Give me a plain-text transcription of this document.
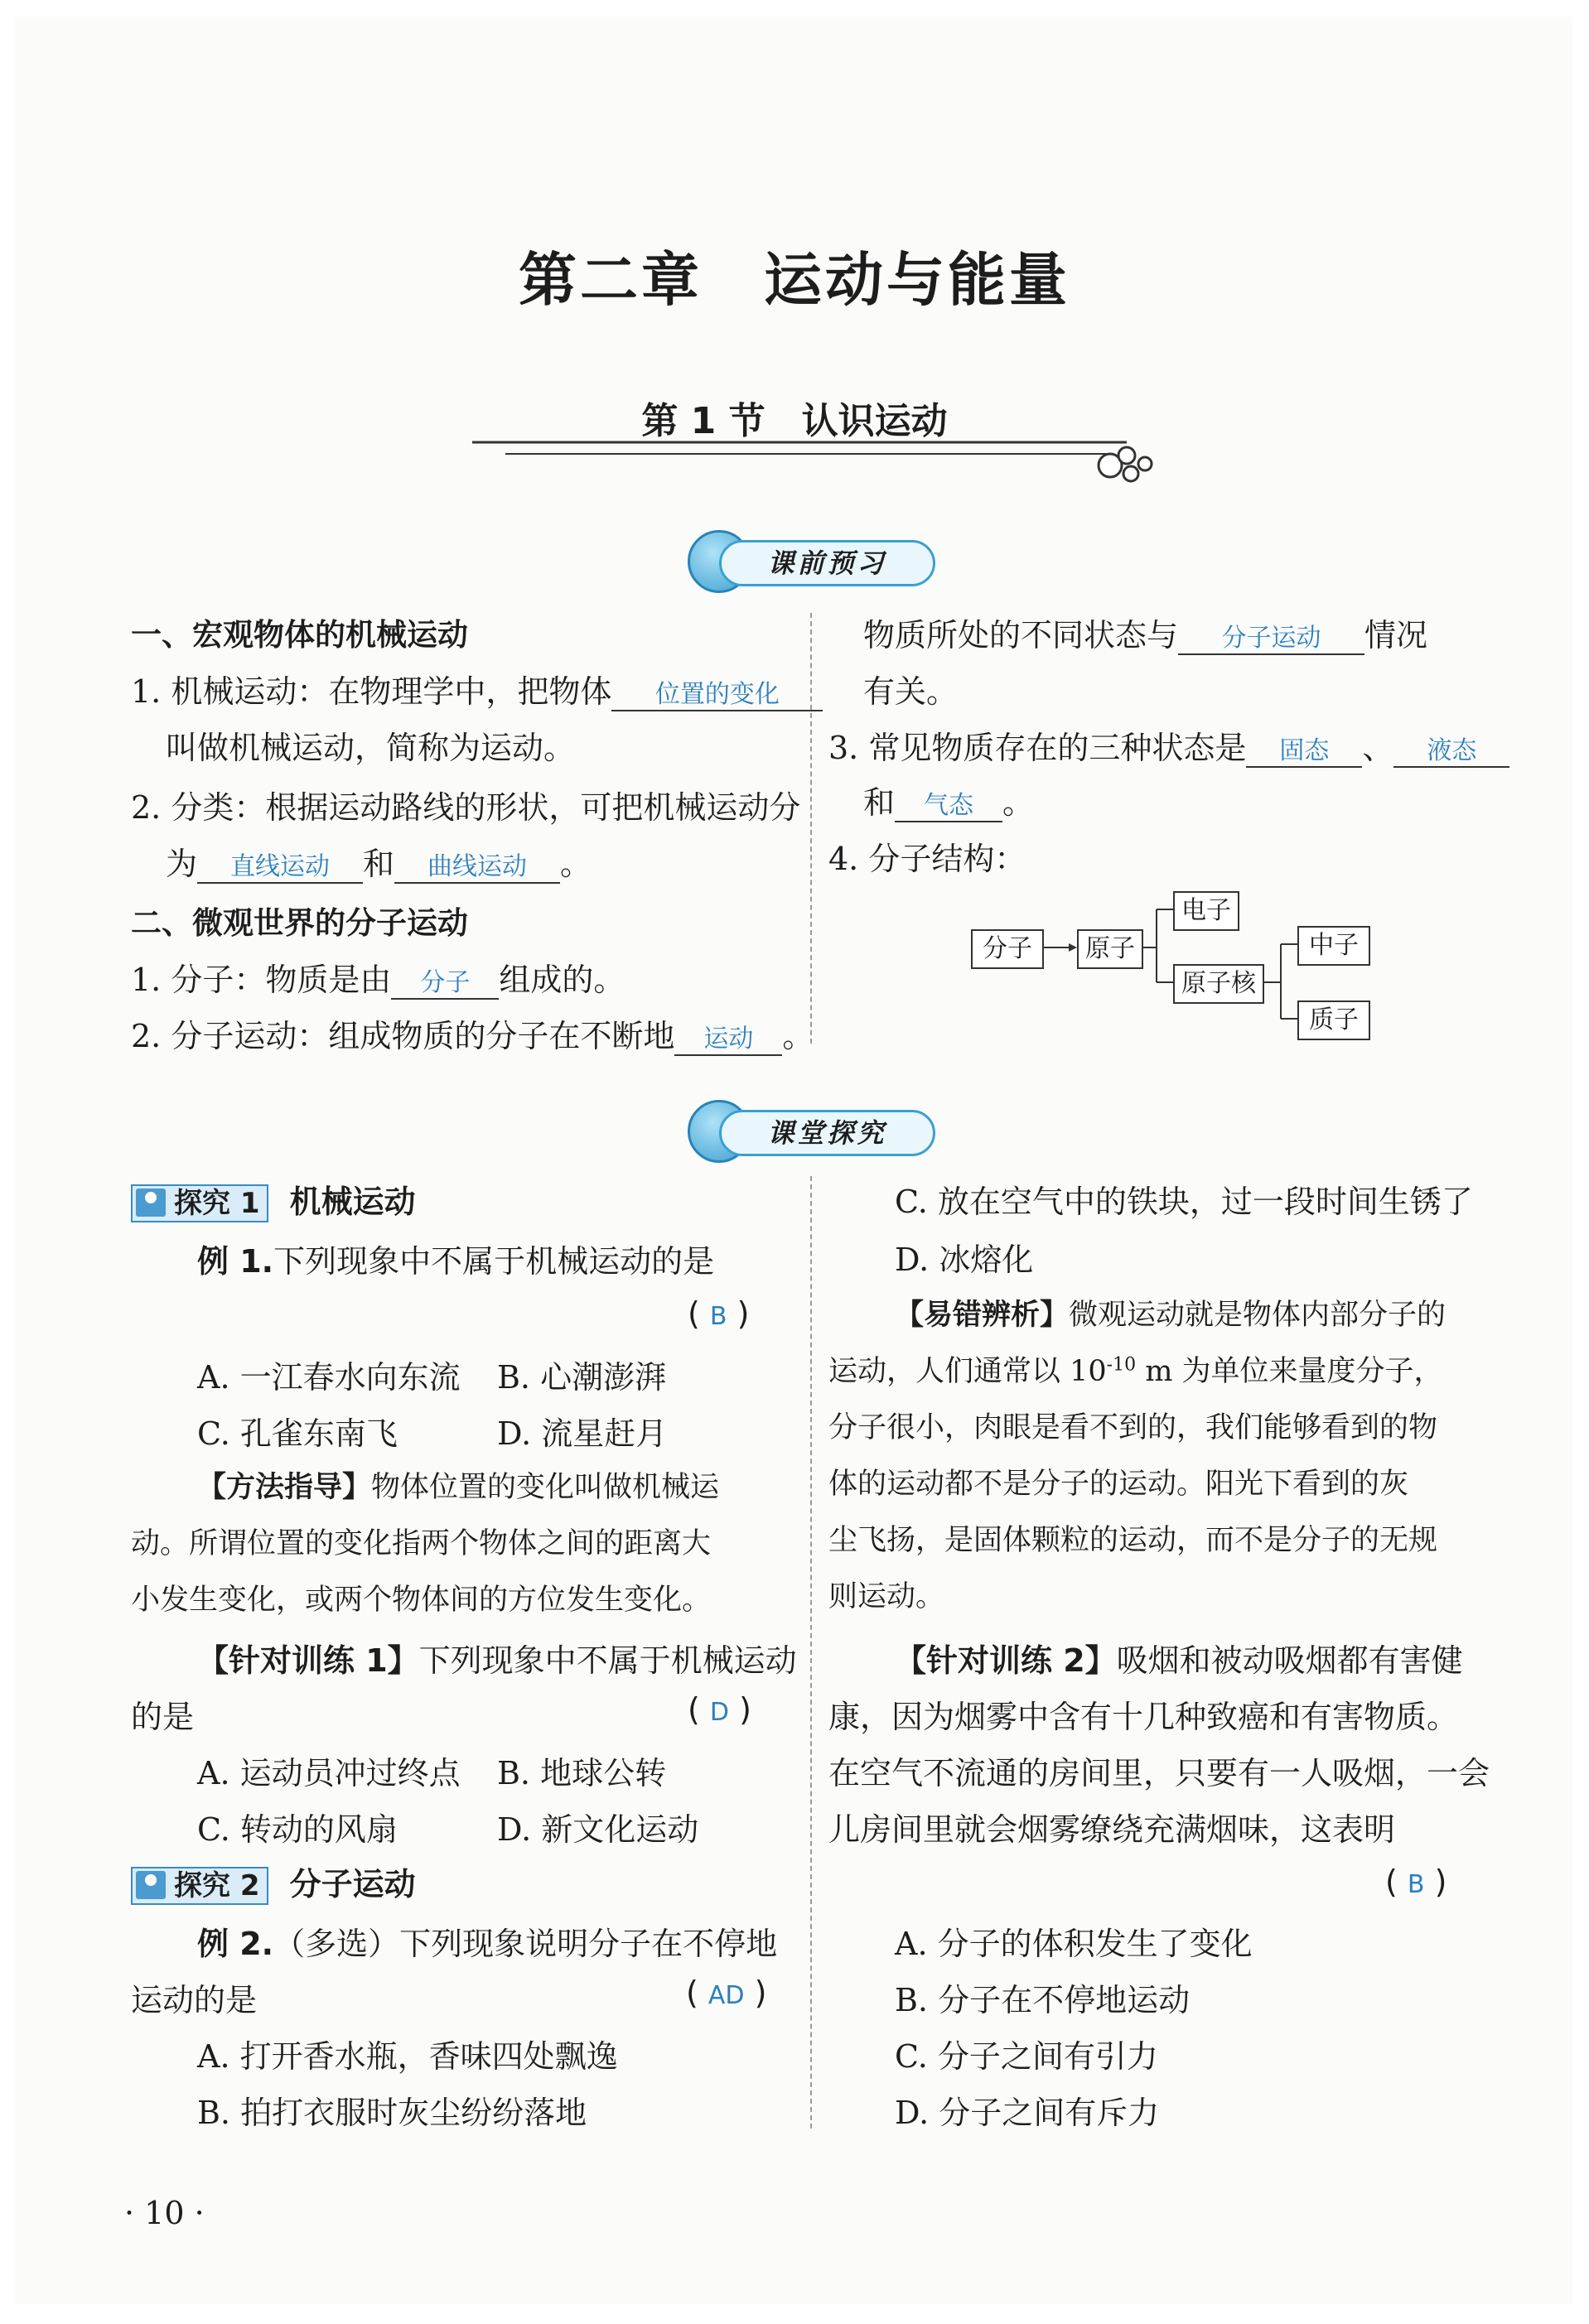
第二章　运动与能量
第 1 节　认识运动
课前预习
一、宏观物体的机械运动
1. 机械运动：在物理学中，把物体 位置的变化
叫做机械运动，简称为运动。
2. 分类：根据运动路线的形状，可把机械运动分
为 直线运动 和 曲线运动 。
二、微观世界的分子运动
1. 分子：物质是由 分子 组成的。
2. 分子运动：组成物质的分子在不断地 运动 。
物质所处的不同状态与 分子运动 情况
有关。
3. 常见物质存在的三种状态是 固态 、 液态
和 气态 。
4. 分子结构：
分子	原子
电子
原子核
中子
质子
课堂探究
探究 1 机械运动
例 1.下列现象中不属于机械运动的是
( B )
A. 一江春水向东流 B. 心潮澎湃
C. 孔雀东南飞	D. 流星赶月
【方法指导】物体位置的变化叫做机械运
动。所谓位置的变化指两个物体之间的距离大
小发生变化，或两个物体间的方位发生变化。
【针对训练 1】下列现象中不属于机械运动
的是	( D )
A. 运动员冲过终点 B. 地球公转
C. 转动的风扇	D. 新文化运动
探究 2 分子运动
例 2.（多选）下列现象说明分子在不停地
运动的是	( AD )
A. 打开香水瓶，香味四处飘逸
B. 拍打衣服时灰尘纷纷落地
C. 放在空气中的铁块，过一段时间生锈了
D. 冰熔化
【易错辨析】微观运动就是物体内部分子的
运动，人们通常以 $10^{-10}$ m 为单位来量度分子，
分子很小，肉眼是看不到的，我们能够看到的物
体的运动都不是分子的运动。阳光下看到的灰
尘飞扬，是固体颗粒的运动，而不是分子的无规
则运动。
【针对训练 2】吸烟和被动吸烟都有害健
康，因为烟雾中含有十几种致癌和有害物质。
在空气不流通的房间里，只要有一人吸烟，一会
儿房间里就会烟雾缭绕充满烟味，这表明
( B )
A. 分子的体积发生了变化
B. 分子在不停地运动
C. 分子之间有引力
D. 分子之间有斥力
· 10 ·
